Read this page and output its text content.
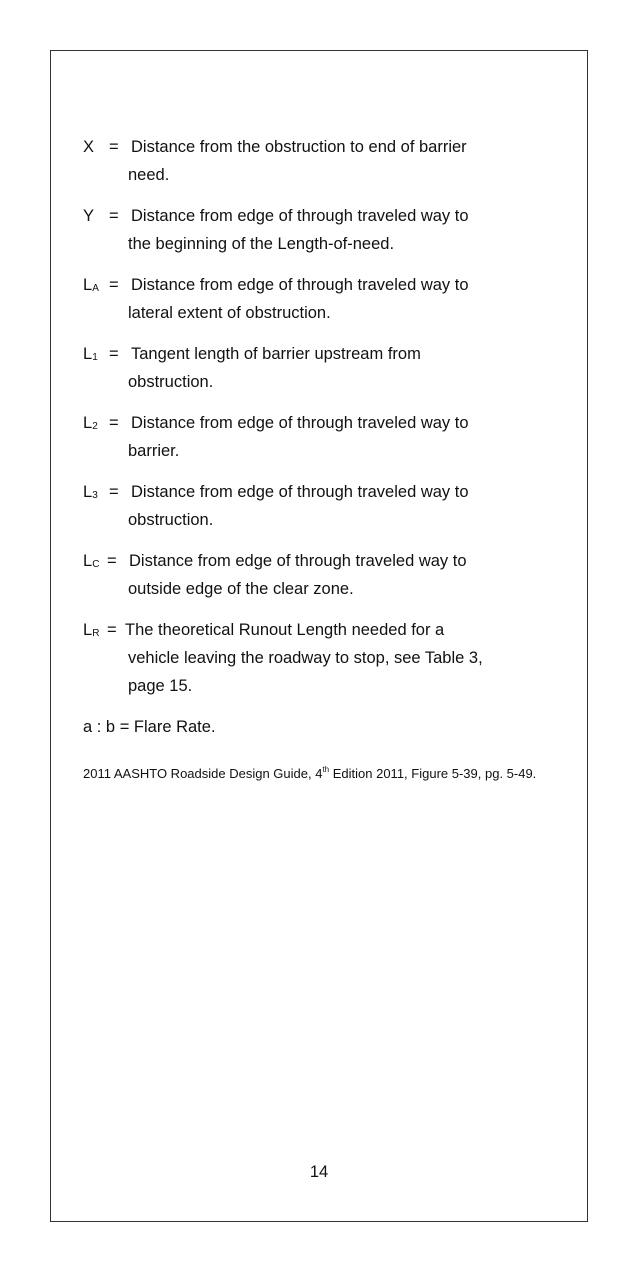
X = Distance from the obstruction to end of barrier
need.
Y = Distance from edge of through traveled way to
the beginning of the Length-of-need.
$L_A$ = Distance from edge of through traveled way to
lateral extent of obstruction.
$L_1$ = Tangent length of barrier upstream from
obstruction.
$L_2$ = Distance from edge of through traveled way to
barrier.
$L_3$ = Distance from edge of through traveled way to
obstruction.
$L_C$ = Distance from edge of through traveled way to
outside edge of the clear zone.
$L_R$ = The theoretical Runout Length needed for a
vehicle leaving the roadway to stop, see Table 3,
page 15.
a : b = Flare Rate.
2011 AASHTO Roadside Design Guide, 4th Edition 2011, Figure 5-39, pg. 5-49.
14
